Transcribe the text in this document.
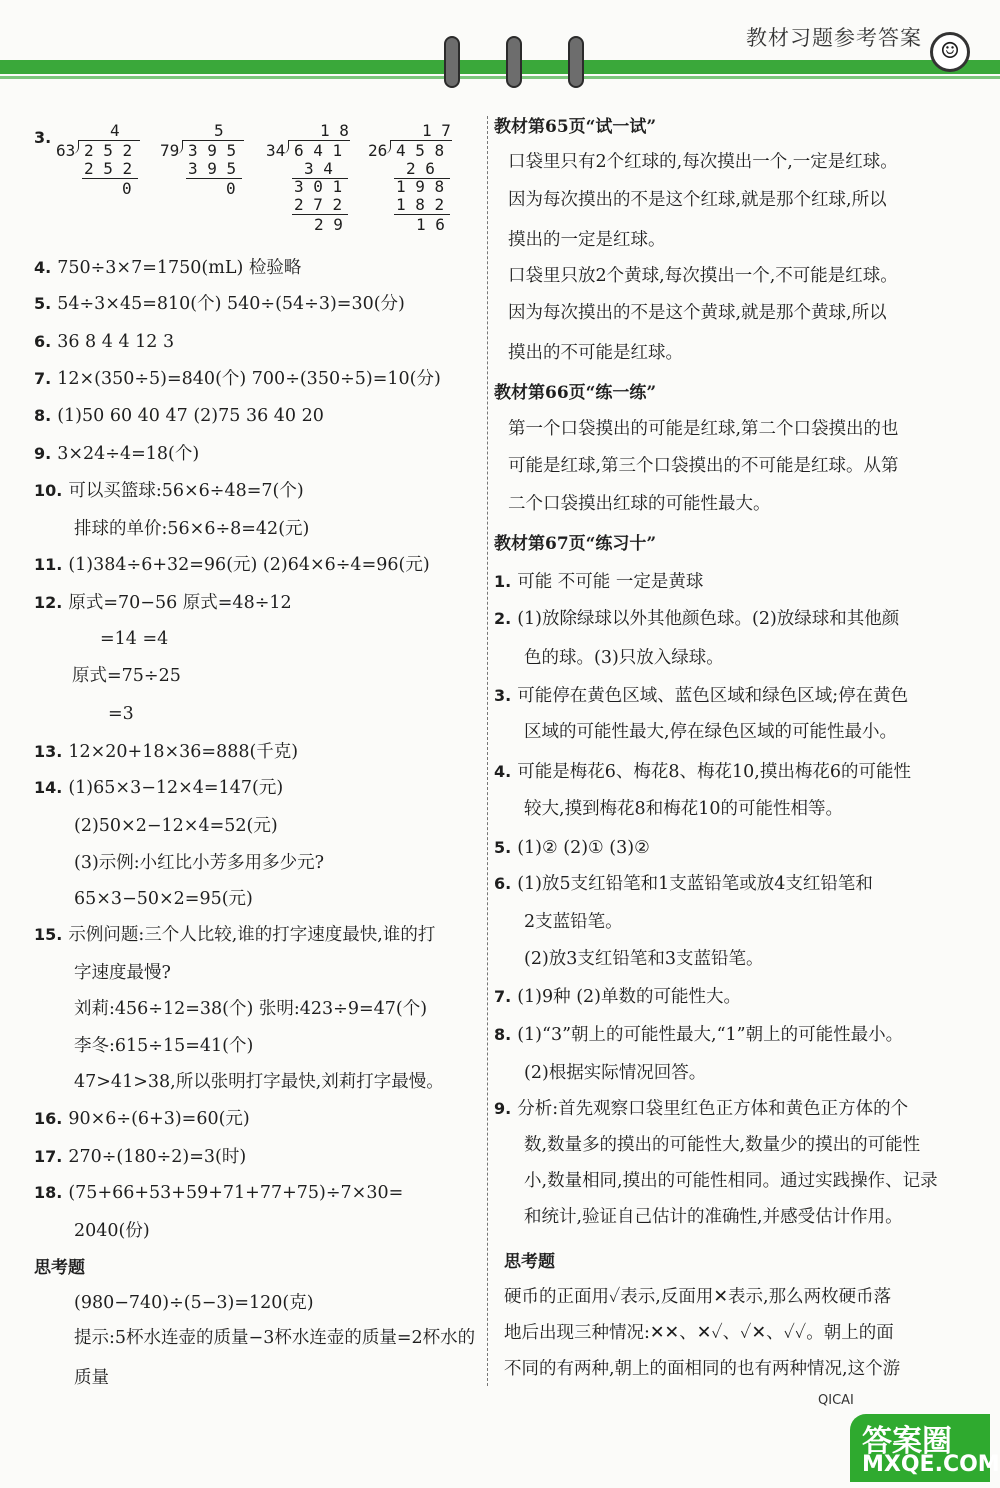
教材习题参考答案
☺
3.	4
63 2 5 2
2 5 2
0
5
79 3 9 5
3 9 5
0
1 8
34 6 4 1
3 4
3 0 1
2 7 2
2 9
1 7
26 4 5 8
2 6
1 9 8
1 8 2
1 6
4. 750÷3×7=1750(mL) 检验略
5. 54÷3×45=810(个) 540÷(54÷3)=30(分)
6. 36 8 4 4 12 3
7. 12×(350÷5)=840(个) 700÷(350÷5)=10(分)
8. (1)50 60 40 47 (2)75 36 40 20
9. 3×24÷4=18(个)
10. 可以买篮球:56×6÷48=7(个)
排球的单价:56×6÷8=42(元)
11. (1)384÷6+32=96(元) (2)64×6÷4=96(元)
12. 原式=70−56 原式=48÷12
=14 =4
原式=75÷25
=3
13. 12×20+18×36=888(千克)
14. (1)65×3−12×4=147(元)
(2)50×2−12×4=52(元)
(3)示例:小红比小芳多用多少元?
65×3−50×2=95(元)
15. 示例问题:三个人比较,谁的打字速度最快,谁的打
字速度最慢?
刘莉:456÷12=38(个) 张明:423÷9=47(个)
李冬:615÷15=41(个)
47>41>38,所以张明打字最快,刘莉打字最慢。
16. 90×6÷(6+3)=60(元)
17. 270÷(180÷2)=3(时)
18. (75+66+53+59+71+77+75)÷7×30=
2040(份)
思考题
(980−740)÷(5−3)=120(克)
提示:5杯水连壶的质量−3杯水连壶的质量=2杯水的
质量
教材第65页“试一试”
口袋里只有2个红球的,每次摸出一个,一定是红球。
因为每次摸出的不是这个红球,就是那个红球,所以
摸出的一定是红球。
口袋里只放2个黄球,每次摸出一个,不可能是红球。
因为每次摸出的不是这个黄球,就是那个黄球,所以
摸出的不可能是红球。
教材第66页“练一练”
第一个口袋摸出的可能是红球,第二个口袋摸出的也
可能是红球,第三个口袋摸出的不可能是红球。从第
二个口袋摸出红球的可能性最大。
教材第67页“练习十”
1. 可能 不可能 一定是黄球
2. (1)放除绿球以外其他颜色球。(2)放绿球和其他颜
色的球。(3)只放入绿球。
3. 可能停在黄色区域、蓝色区域和绿色区域;停在黄色
区域的可能性最大,停在绿色区域的可能性最小。
4. 可能是梅花6、梅花8、梅花10,摸出梅花6的可能性
较大,摸到梅花8和梅花10的可能性相等。
5. (1)② (2)① (3)②
6. (1)放5支红铅笔和1支蓝铅笔或放4支红铅笔和
2支蓝铅笔。
(2)放3支红铅笔和3支蓝铅笔。
7. (1)9种 (2)单数的可能性大。
8. (1)“3”朝上的可能性最大,“1”朝上的可能性最小。
(2)根据实际情况回答。
9. 分析:首先观察口袋里红色正方体和黄色正方体的个
数,数量多的摸出的可能性大,数量少的摸出的可能性
小,数量相同,摸出的可能性相同。通过实践操作、记录
和统计,验证自己估计的准确性,并感受估计作用。
思考题
硬币的正面用✓表示,反面用✕表示,那么两枚硬币落
地后出现三种情况:✕✕、✕✓、✓✕、✓✓。朝上的面
不同的有两种,朝上的面相同的也有两种情况,这个游
QICAI
答案圈
MXQE.COM
